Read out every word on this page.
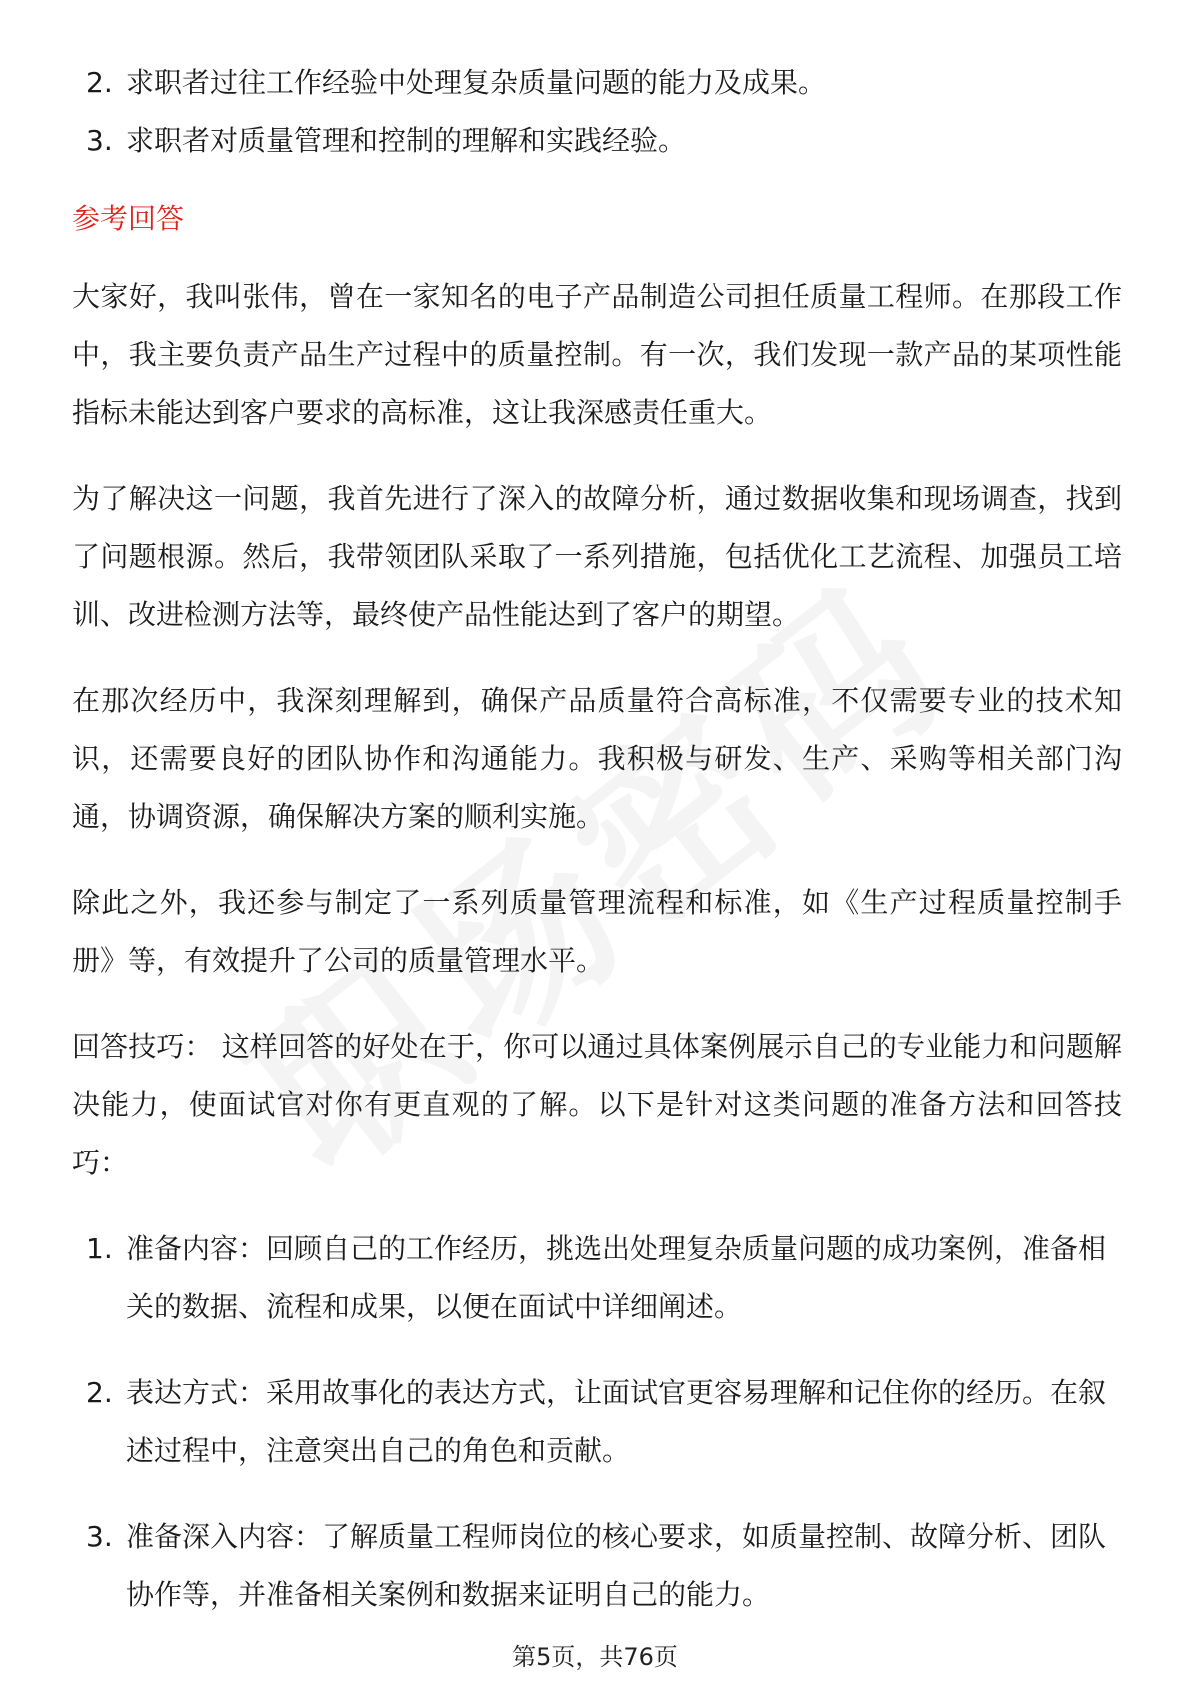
2. 求职者过往工作经验中处理复杂质量问题的能力及成果。
3. 求职者对质量管理和控制的理解和实践经验。
参考回答

大家好，我叫张伟，曾在一家知名的电子产品制造公司担任质量工程师。在那段工作中，我主要负责产品生产过程中的质量控制。有一次，我们发现一款产品的某项性能指标未能达到客户要求的高标准，这让我深感责任重大。

为了解决这一问题，我首先进行了深入的故障分析，通过数据收集和现场调查，找到了问题根源。然后，我带领团队采取了一系列措施，包括优化工艺流程、加强员工培训、改进检测方法等，最终使产品性能达到了客户的期望。

在那次经历中，我深刻理解到，确保产品质量符合高标准，不仅需要专业的技术知识，还需要良好的团队协作和沟通能力。我积极与研发、生产、采购等相关部门沟通，协调资源，确保解决方案的顺利实施。

除此之外，我还参与制定了一系列质量管理流程和标准，如《生产过程质量控制手册》等，有效提升了公司的质量管理水平。

回答技巧： 这样回答的好处在于，你可以通过具体案例展示自己的专业能力和问题解决能力，使面试官对你有更直观的了解。以下是针对这类问题的准备方法和回答技巧：

1. 准备内容：回顾自己的工作经历，挑选出处理复杂质量问题的成功案例，准备相关的数据、流程和成果，以便在面试中详细阐述。
2. 表达方式：采用故事化的表达方式，让面试官更容易理解和记住你的经历。在叙述过程中，注意突出自己的角色和贡献。
3. 准备深入内容：了解质量工程师岗位的核心要求，如质量控制、故障分析、团队协作等，并准备相关案例和数据来证明自己的能力。
第5页，共76页
